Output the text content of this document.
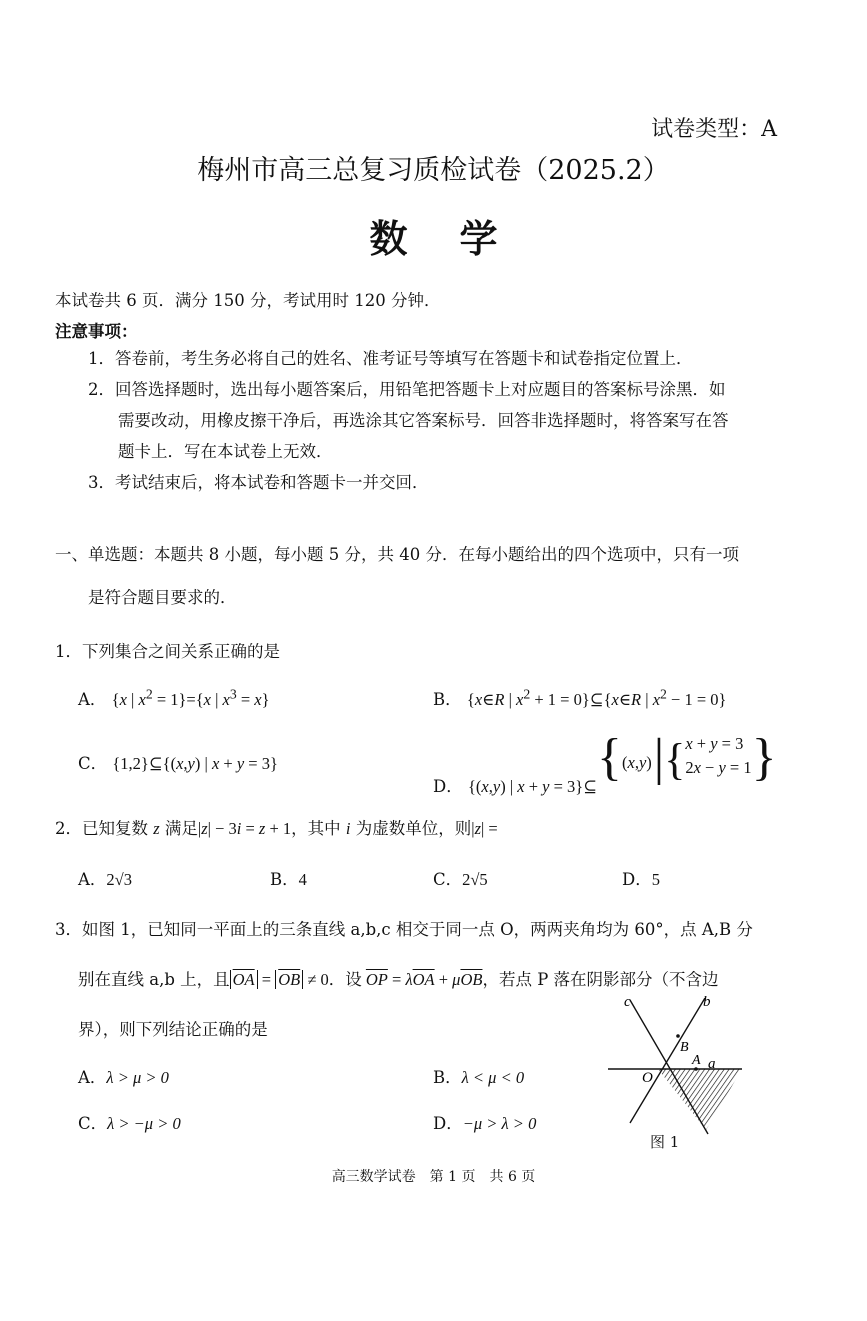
试卷类型：A
梅州市高三总复习质检试卷（2025.2）
数学
本试卷共 6 页．满分 150 分，考试用时 120 分钟．
注意事项：
1．答卷前，考生务必将自己的姓名、准考证号等填写在答题卡和试卷指定位置上．
2．回答选择题时，选出每小题答案后，用铅笔把答题卡上对应题目的答案标号涂黑．如
需要改动，用橡皮擦干净后，再选涂其它答案标号．回答非选择题时，将答案写在答
题卡上．写在本试卷上无效．
3．考试结束后，将本试卷和答题卡一并交回．
一、单选题：本题共 8 小题，每小题 5 分，共 40 分．在每小题给出的四个选项中，只有一项
是符合题目要求的．
1．下列集合之间关系正确的是
A． {x | $x^2 = 1\}=\{x$ | $x^3 = x$}	B． {x∈R | $x^2 + 1$ = 0}⊆{x∈R | $x^2 - 1 = 0$}
C． {1,2}⊆{(x,y) | x + y = 3}
D． {(x,y) | x + y = 3}⊆{(x,y)|{x + y = 3
2x − y = 1}
2．已知复数 z 满足|z| − 3i = z + 1，其中 i 为虚数单位，则|z| =
A．2√3	B．4	C．2√5	D．5
3．如图 1，已知同一平面上的三条直线 a,b,c 相交于同一点 O，两两夹角均为 60°，点 A,B 分
别在直线 a,b 上，且 $\overline{OA} = \overline{OB} \ne 0$．设 $\overline{OP} = \lambda\overline{OA} + \mu\overline{OB}$，若点 P 落在阴影部分（不含边
界），则下列结论正确的是
A．λ > μ > 0	B．λ < μ < 0
C．λ > −μ > 0	D．−μ > λ > 0
a
b
c
O
A
B
图 1
高三数学试卷　第 1 页　共 6 页
